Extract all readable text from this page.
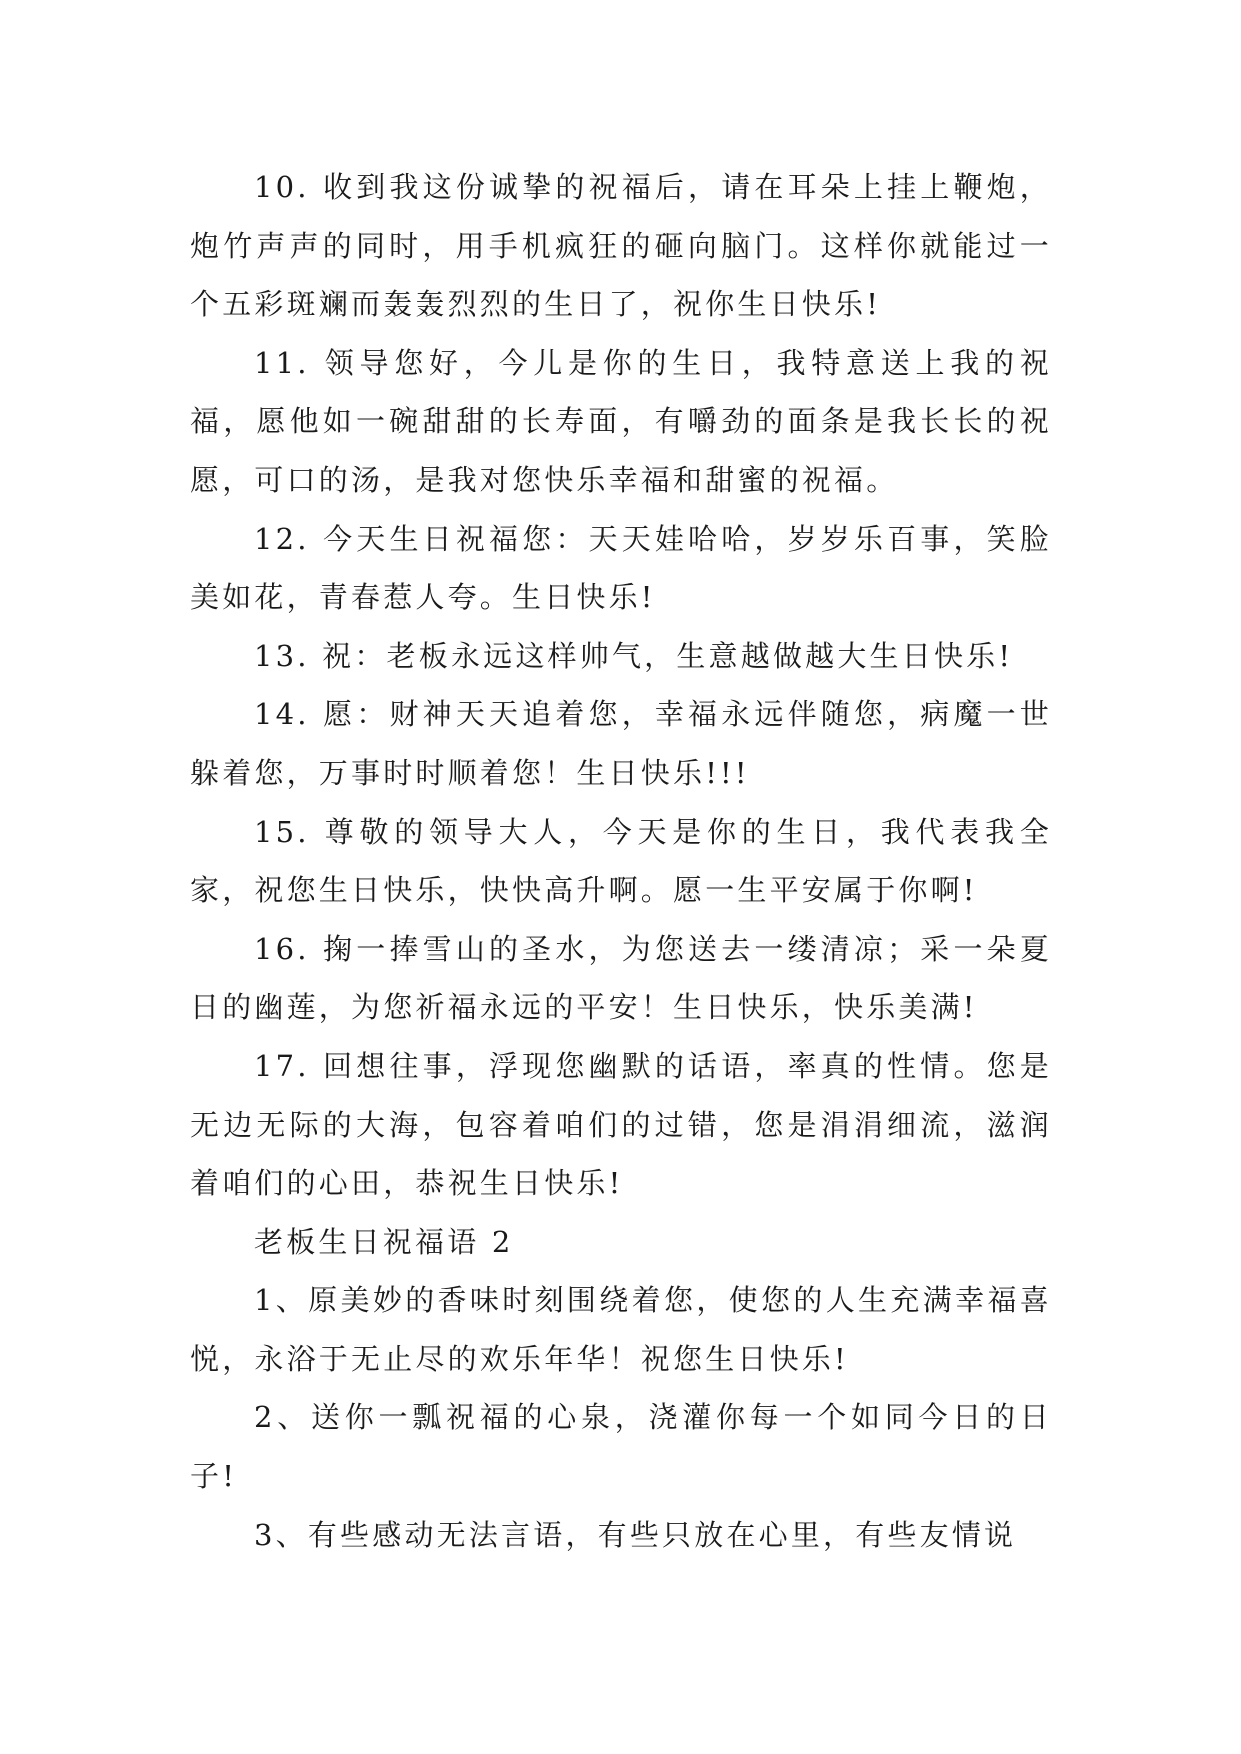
10. 收到我这份诚挚的祝福后，请在耳朵上挂上鞭炮，炮竹声声的同时，用手机疯狂的砸向脑门。这样你就能过一个五彩斑斓而轰轰烈烈的生日了，祝你生日快乐!

11. 领导您好，今儿是你的生日，我特意送上我的祝福，愿他如一碗甜甜的长寿面，有嚼劲的面条是我长长的祝愿，可口的汤，是我对您快乐幸福和甜蜜的祝福。

12. 今天生日祝福您：天天娃哈哈，岁岁乐百事，笑脸美如花，青春惹人夸。生日快乐!

13. 祝：老板永远这样帅气，生意越做越大生日快乐!

14. 愿：财神天天追着您，幸福永远伴随您，病魔一世躲着您，万事时时顺着您！生日快乐!!!

15. 尊敬的领导大人，今天是你的生日，我代表我全家，祝您生日快乐，快快高升啊。愿一生平安属于你啊!

16. 掬一捧雪山的圣水，为您送去一缕清凉；采一朵夏日的幽莲，为您祈福永远的平安！生日快乐，快乐美满!

17. 回想往事，浮现您幽默的话语，率真的性情。您是无边无际的大海，包容着咱们的过错，您是涓涓细流，滋润着咱们的心田，恭祝生日快乐!

老板生日祝福语 2

1、原美妙的香味时刻围绕着您，使您的人生充满幸福喜悦，永浴于无止尽的欢乐年华！祝您生日快乐!

2、送你一瓢祝福的心泉，浇灌你每一个如同今日的日子!

3、有些感动无法言语，有些只放在心里，有些友情说
